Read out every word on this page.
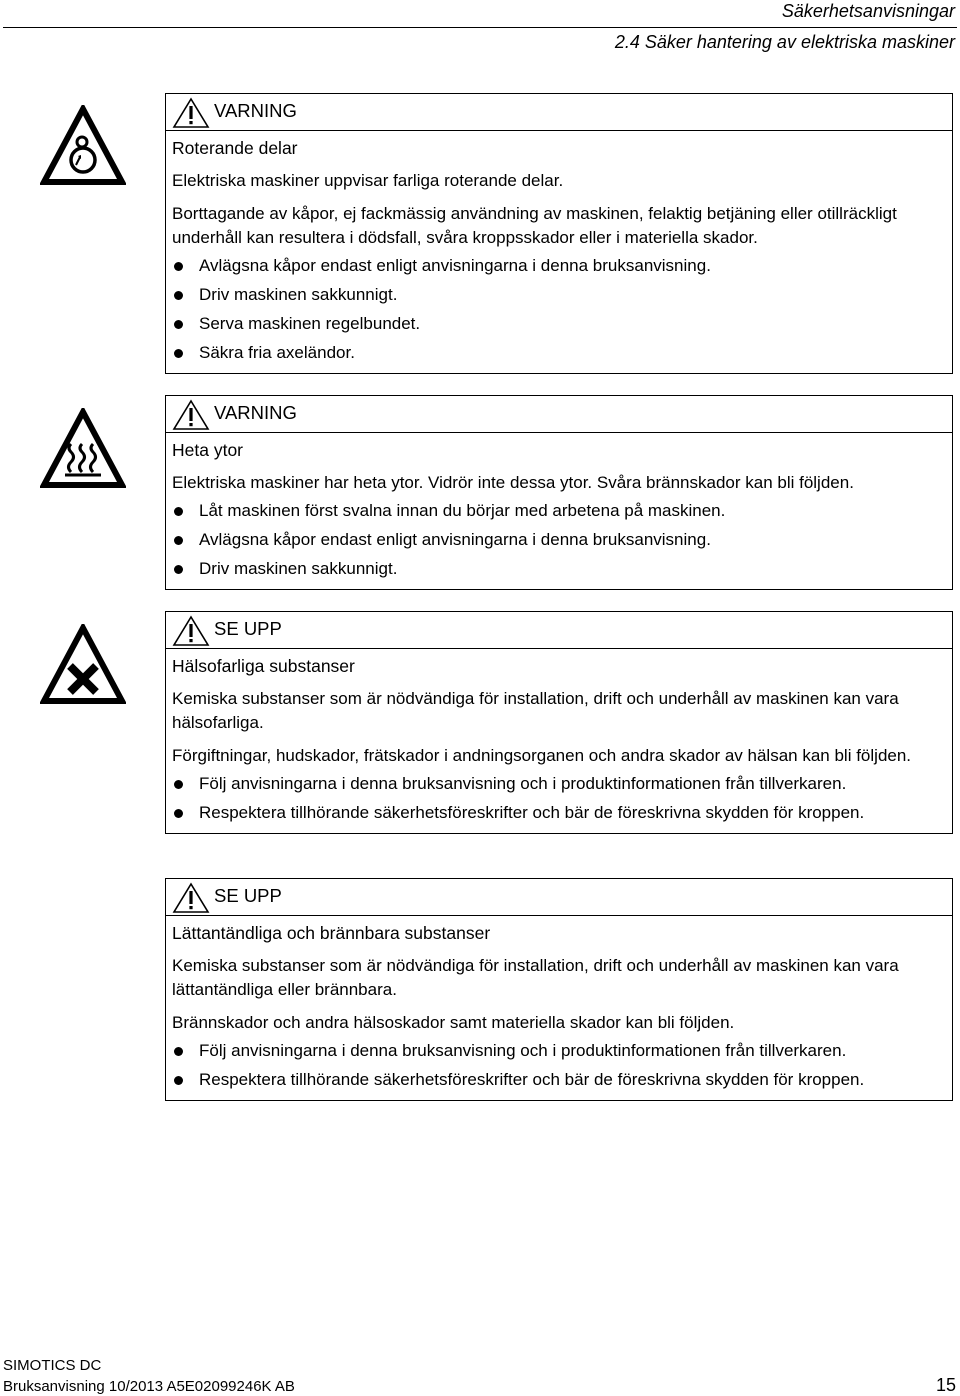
Säkerhetsanvisningar
2.4 Säker hantering av elektriska maskiner
VARNING
Roterande delar

Elektriska maskiner uppvisar farliga roterande delar.

Borttagande av kåpor, ej fackmässig användning av maskinen, felaktig betjäning eller otillräckligt underhåll kan resultera i dödsfall, svåra kroppsskador eller i materiella skador.

Avlägsna kåpor endast enligt anvisningarna i denna bruksanvisning.
Driv maskinen sakkunnigt.
Serva maskinen regelbundet.
Säkra fria axeländor.
VARNING
Heta ytor

Elektriska maskiner har heta ytor. Vidrör inte dessa ytor. Svåra brännskador kan bli följden.

Låt maskinen först svalna innan du börjar med arbetena på maskinen.
Avlägsna kåpor endast enligt anvisningarna i denna bruksanvisning.
Driv maskinen sakkunnigt.
SE UPP
Hälsofarliga substanser

Kemiska substanser som är nödvändiga för installation, drift och underhåll av maskinen kan vara hälsofarliga.

Förgiftningar, hudskador, frätskador i andningsorganen och andra skador av hälsan kan bli följden.

Följ anvisningarna i denna bruksanvisning och i produktinformationen från tillverkaren.
Respektera tillhörande säkerhetsföreskrifter och bär de föreskrivna skydden för kroppen.
SE UPP
Lättantändliga och brännbara substanser

Kemiska substanser som är nödvändiga för installation, drift och underhåll av maskinen kan vara lättantändliga eller brännbara.

Brännskador och andra hälsoskador samt materiella skador kan bli följden.

Följ anvisningarna i denna bruksanvisning och i produktinformationen från tillverkaren.
Respektera tillhörande säkerhetsföreskrifter och bär de föreskrivna skydden för kroppen.
SIMOTICS DC
Bruksanvisning 10/2013 A5E02099246K AB	15
